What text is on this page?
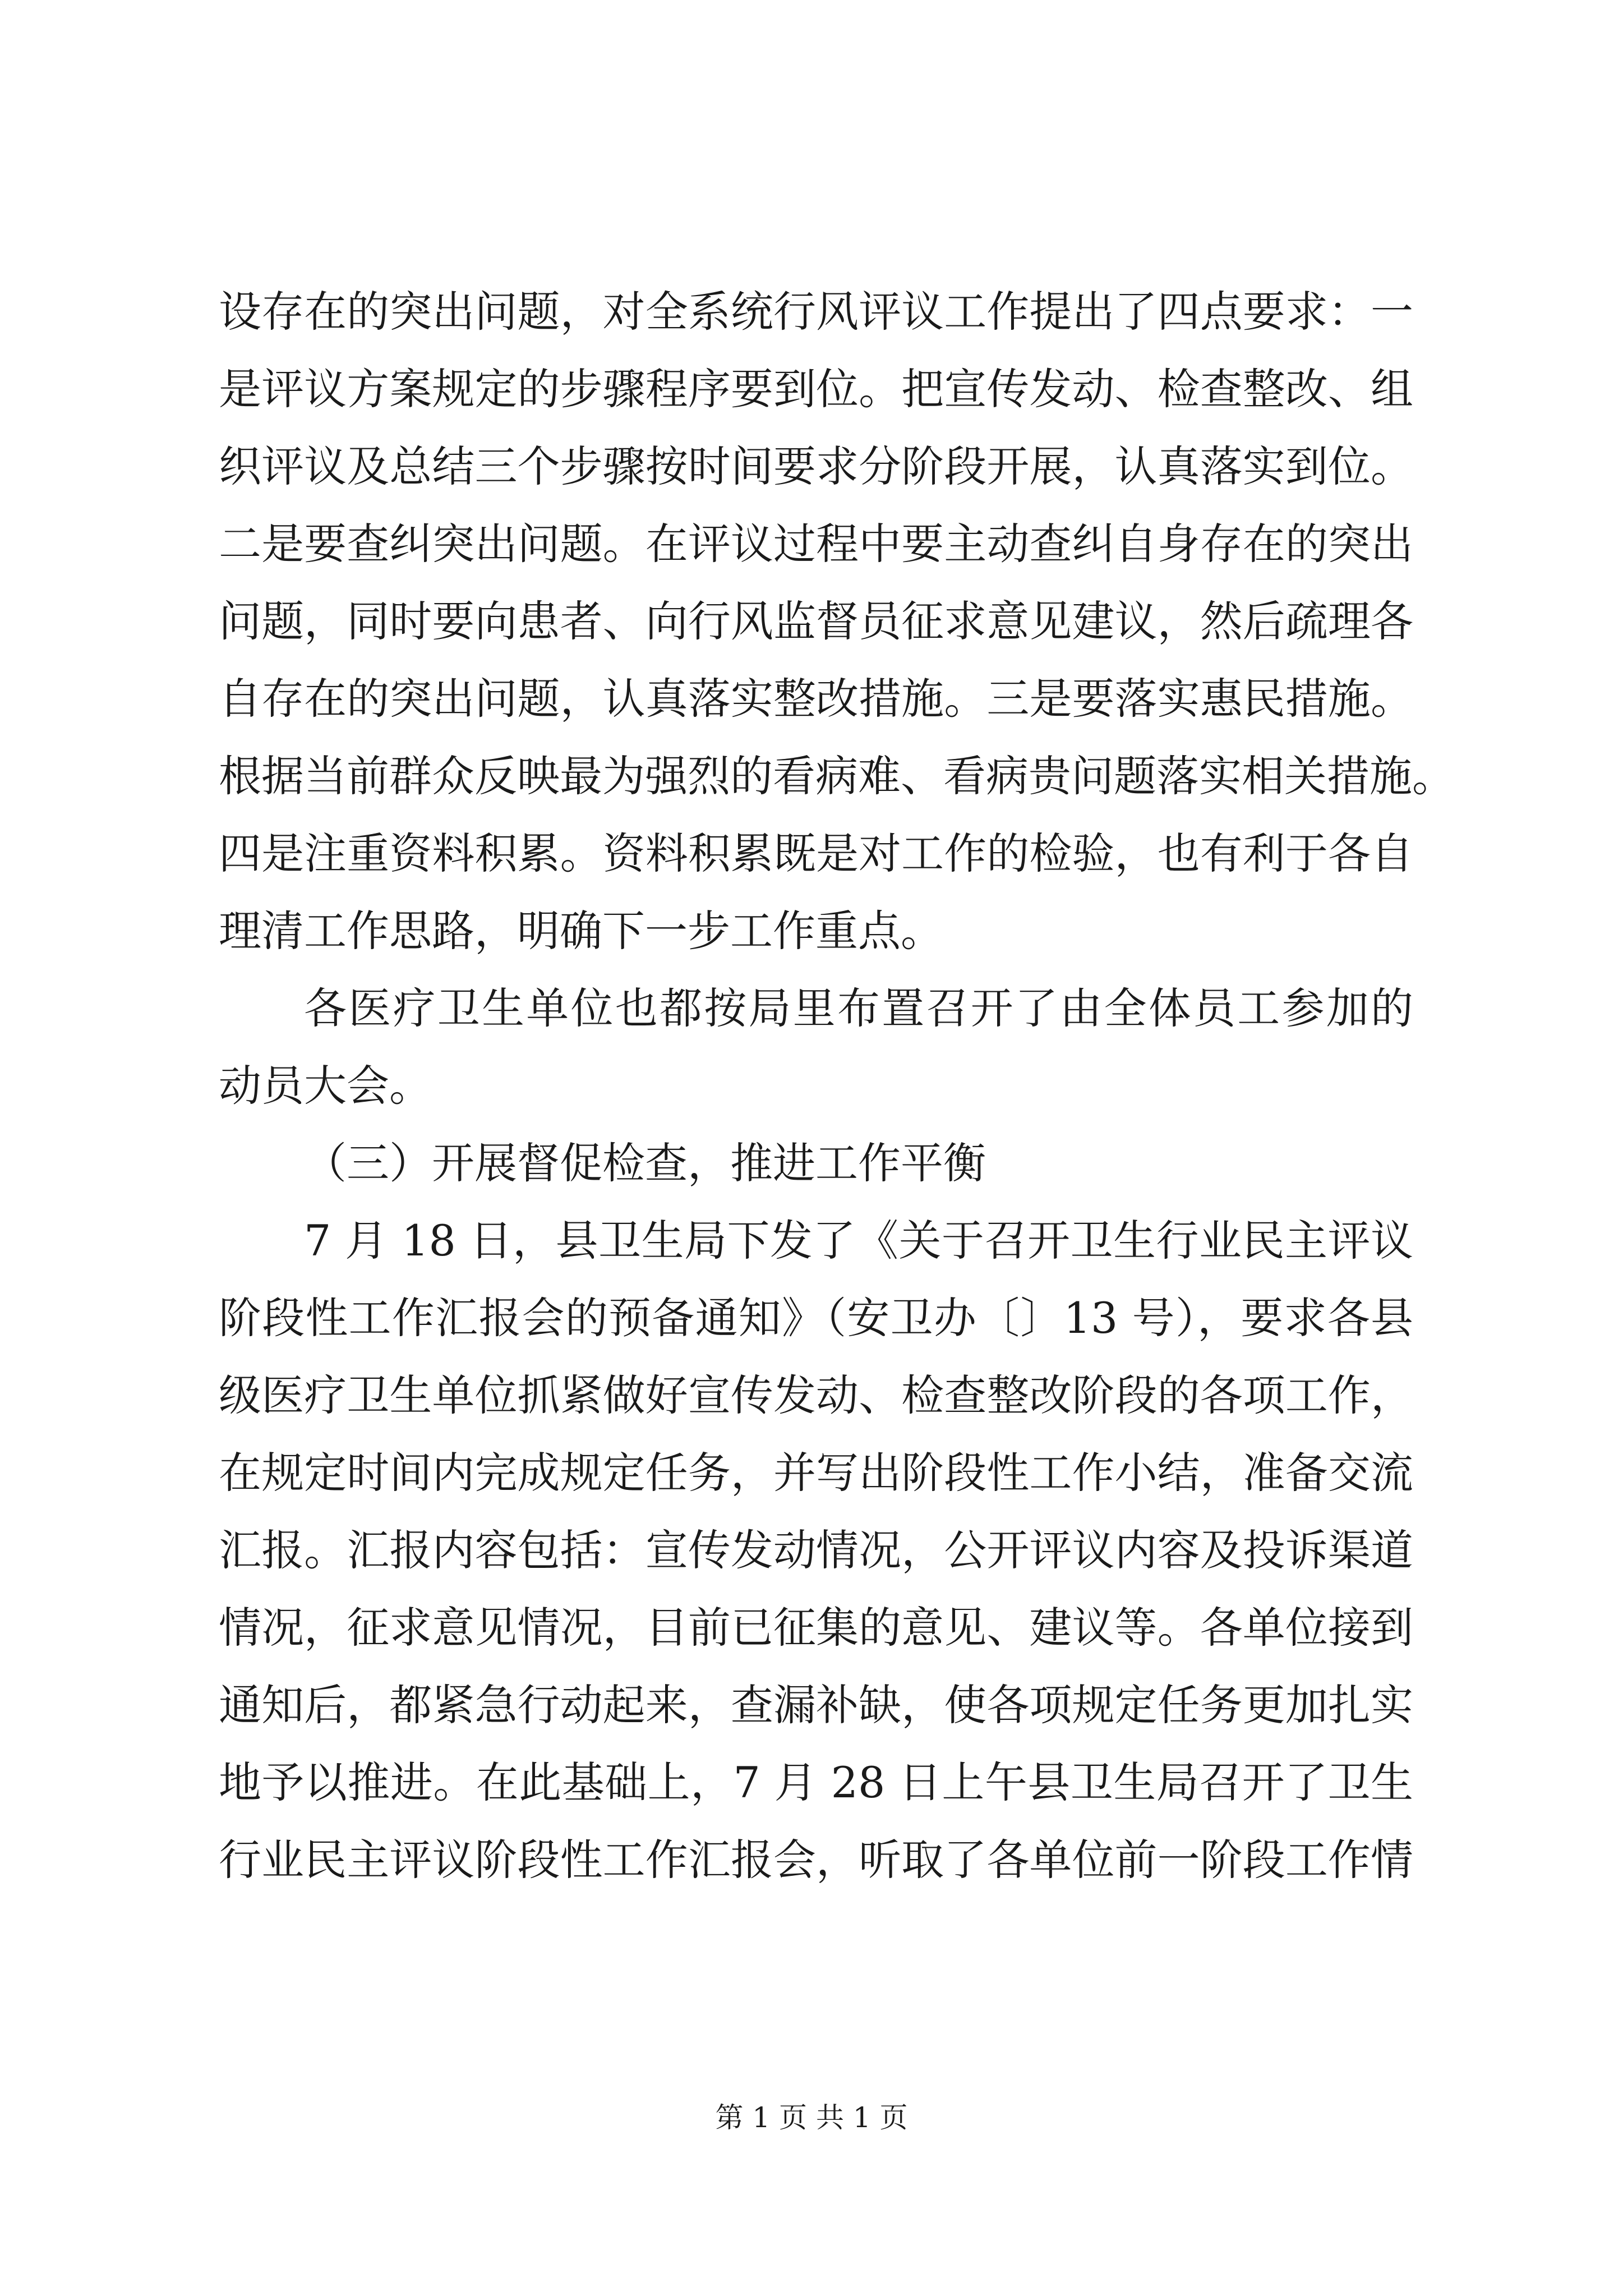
设存在的突出问题，对全系统行风评议工作提出了四点要求：一
是评议方案规定的步骤程序要到位。把宣传发动、检查整改、组
织评议及总结三个步骤按时间要求分阶段开展，认真落实到位。
二是要查纠突出问题。在评议过程中要主动查纠自身存在的突出
问题，同时要向患者、向行风监督员征求意见建议，然后疏理各
自存在的突出问题，认真落实整改措施。三是要落实惠民措施。
根据当前群众反映最为强烈的看病难、看病贵问题落实相关措施。
四是注重资料积累。资料积累既是对工作的检验，也有利于各自
理清工作思路，明确下一步工作重点。
各医疗卫生单位也都按局里布置召开了由全体员工参加的
动员大会。
（三）开展督促检查，推进工作平衡
7 月 18 日，县卫生局下发了《关于召开卫生行业民主评议
阶段性工作汇报会的预备通知》（安卫办〔〕13 号），要求各县
级医疗卫生单位抓紧做好宣传发动、检查整改阶段的各项工作，
在规定时间内完成规定任务，并写出阶段性工作小结，准备交流
汇报。汇报内容包括：宣传发动情况，公开评议内容及投诉渠道
情况，征求意见情况，目前已征集的意见、建议等。各单位接到
通知后，都紧急行动起来，查漏补缺，使各项规定任务更加扎实
地予以推进。在此基础上，7 月 28 日上午县卫生局召开了卫生
行业民主评议阶段性工作汇报会，听取了各单位前一阶段工作情
第 1 页 共 1 页
